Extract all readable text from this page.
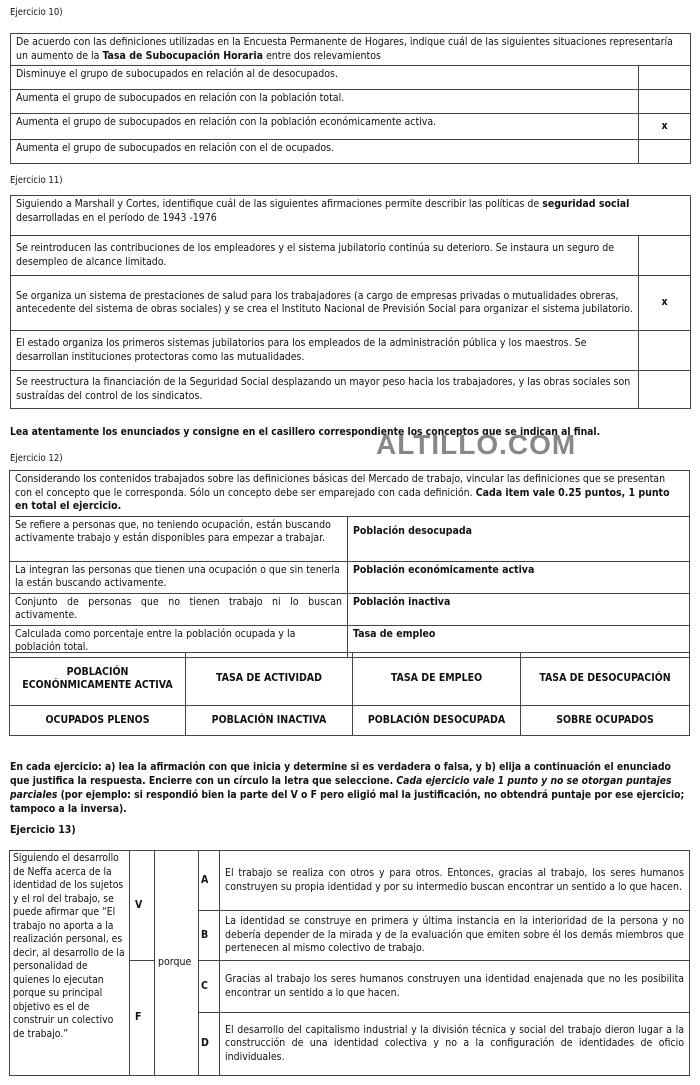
Ejercicio 10)
De acuerdo con las definiciones utilizadas en la Encuesta Permanente de Hogares, indique cuál de las siguientes situaciones representaría un aumento de la Tasa de Subocupación Horaria entre dos relevamientos	
Disminuye el grupo de subocupados en relación al de desocupados.	
Aumenta el grupo de subocupados en relación con la población total.	
Aumenta el grupo de subocupados en relación con la población económicamente activa.	x
Aumenta el grupo de subocupados en relación con el de ocupados.	
Ejercicio 11)
Siguiendo a Marshall y Cortes, identifique cuál de las siguientes afirmaciones permite describir las políticas de seguridad social desarrolladas en el período de 1943 -1976	
Se reintroducen las contribuciones de los empleadores y el sistema jubilatorio continúa su deterioro. Se instaura un seguro de desempleo de alcance limitado.	
Se organiza un sistema de prestaciones de salud para los trabajadores (a cargo de empresas privadas o mutualidades obreras, antecedente del sistema de obras sociales) y se crea el Instituto Nacional de Previsión Social para organizar el sistema jubilatorio.	x
El estado organiza los primeros sistemas jubilatorios para los empleados de la administración pública y los maestros. Se desarrollan instituciones protectoras como las mutualidades.	
Se reestructura la financiación de la Seguridad Social desplazando un mayor peso hacia los trabajadores, y las obras sociales son sustraídas del control de los sindicatos.	
Lea atentamente los enunciados y consigne en el casillero correspondiente los conceptos que se indican al final.
Ejercicio 12)	ALTILLO.COM
Considerando los contenidos trabajados sobre las definiciones básicas del Mercado de trabajo, vincular las definiciones que se presentan con el concepto que le corresponda. Sólo un concepto debe ser emparejado con cada definición. Cada item vale 0.25 puntos, 1 punto en total el ejercicio.	
Se refiere a personas que, no teniendo ocupación, están buscando activamente trabajo y están disponibles para empezar a trabajar.	Población desocupada
La integran las personas que tienen una ocupación o que sin tenerla la están buscando activamente.	Población económicamente activa
Conjunto de personas que no tienen trabajo ni lo buscan activamente.	Población inactiva
Calculada como porcentaje entre la población ocupada y la población total.	Tasa de empleo
POBLACIÓN ECONÓNMICAMENTE ACTIVA	TASA DE ACTIVIDAD	TASA DE EMPLEO	TASA DE DESOCUPACIÓN
OCUPADOS PLENOS	POBLACIÓN INACTIVA	POBLACIÓN DESOCUPADA	SOBRE OCUPADOS
En cada ejercicio: a) lea la afirmación con que inicia y determine si es verdadera o falsa, y b) elija a continuación el enunciado que justifica la respuesta. Encierre con un círculo la letra que seleccione. Cada ejercicio vale 1 punto y no se otorgan puntajes parciales (por ejemplo: si respondió bien la parte del V o F pero eligió mal la justificación, no obtendrá puntaje por ese ejercicio; tampoco a la inversa).
Ejercicio 13)
Siguiendo el desarrollo de Neffa acerca de la identidad de los sujetos y el rol del trabajo, se puede afirmar que “El trabajo no aporta a la realización personal, es decir, al desarrollo de la personalidad de quienes lo ejecutan porque su principal objetivo es el de construir un colectivo de trabajo.”	V	porque	A	El trabajo se realiza con otros y para otros. Entonces, gracias al trabajo, los seres humanos construyen su propia identidad y por su intermedio buscan encontrar un sentido a lo que hacen.
			B	La identidad se construye en primera y última instancia en la interioridad de la persona y no debería depender de la mirada y de la evaluación que emiten sobre él los demás miembros que pertenecen al mismo colectivo de trabajo.
	F		C	Gracias al trabajo los seres humanos construyen una identidad enajenada que no les posibilita encontrar un sentido a lo que hacen.
			D	El desarrollo del capitalismo industrial y la división técnica y social del trabajo dieron lugar a la construcción de una identidad colectiva y no a la configuración de identidades de oficio individuales.
